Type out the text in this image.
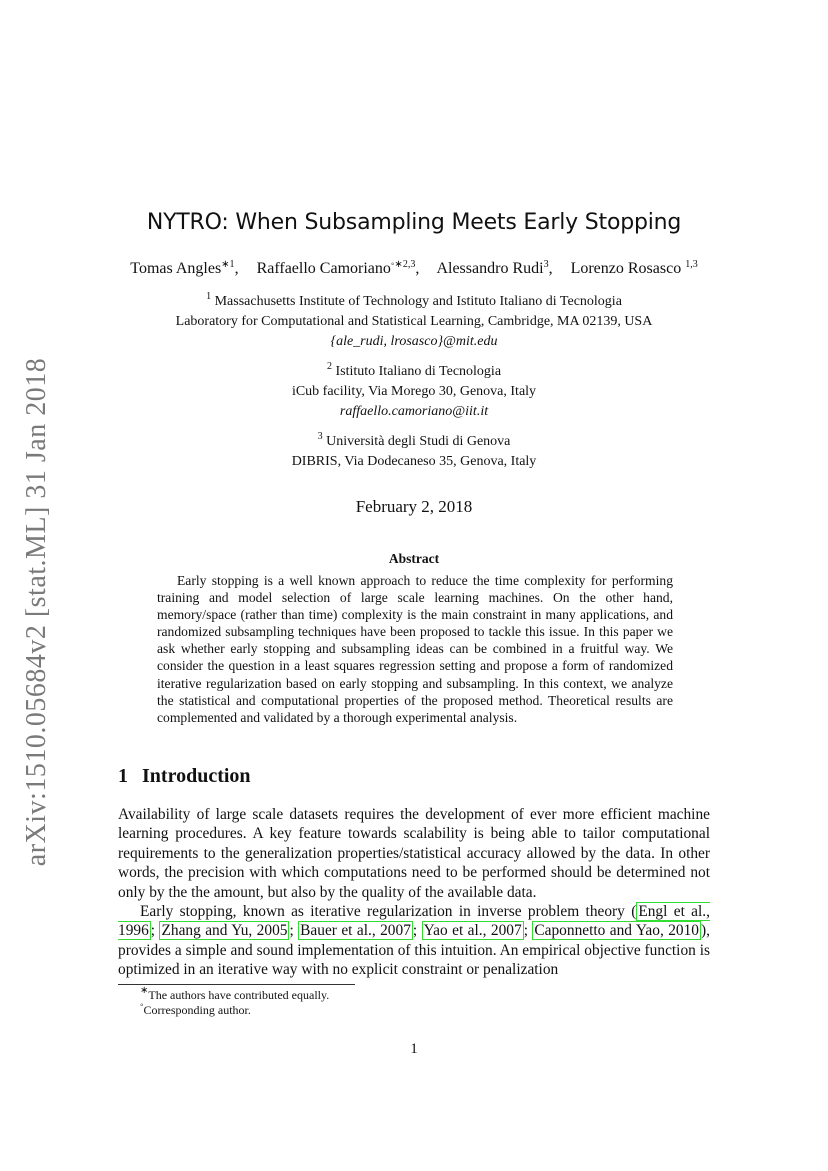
arXiv:1510.05684v2 [stat.ML] 31 Jan 2018
NYTRO: When Subsampling Meets Early Stopping
Tomas Angles$^{∗1}$, Raffaello Camoriano$^{◦∗2,3}$, Alessandro Rudi$^3$, Lorenzo Rosasco $^{1,3}$
$^1$ Massachusetts Institute of Technology and Istituto Italiano di Tecnologia
Laboratory for Computational and Statistical Learning, Cambridge, MA 02139, USA
{ale_rudi, lrosasco}@mit.edu
$^2$ Istituto Italiano di Tecnologia
iCub facility, Via Morego 30, Genova, Italy
raffaello.camoriano@iit.it
$^3$ Università degli Studi di Genova
DIBRIS, Via Dodecaneso 35, Genova, Italy
February 2, 2018
Abstract
Early stopping is a well known approach to reduce the time complexity for performing training and model selection of large scale learning machines. On the other hand, memory/space (rather than time) complexity is the main constraint in many applications, and randomized subsampling techniques have been proposed to tackle this issue. In this paper we ask whether early stopping and subsampling ideas can be combined in a fruitful way. We consider the question in a least squares regression setting and propose a form of randomized iterative regularization based on early stopping and subsampling. In this context, we analyze the statistical and computational properties of the proposed method. Theoretical results are complemented and validated by a thorough experimental analysis.
1 Introduction
Availability of large scale datasets requires the development of ever more efficient machine learning procedures. A key feature towards scalability is being able to tailor computational requirements to the generalization properties/statistical accuracy allowed by the data. In other words, the precision with which computations need to be performed should be determined not only by the the amount, but also by the quality of the available data.
Early stopping, known as iterative regularization in inverse problem theory ( Engl et al., 1996 ; Zhang and Yu, 2005 ; Bauer et al., 2007 ; Yao et al., 2007 ; Caponnetto and Yao, 2010 ), provides a simple and sound implementation of this intuition. An empirical objective function is optimized in an iterative way with no explicit constraint or penalization
∗The authors have contributed equally.
◦Corresponding author.
1
